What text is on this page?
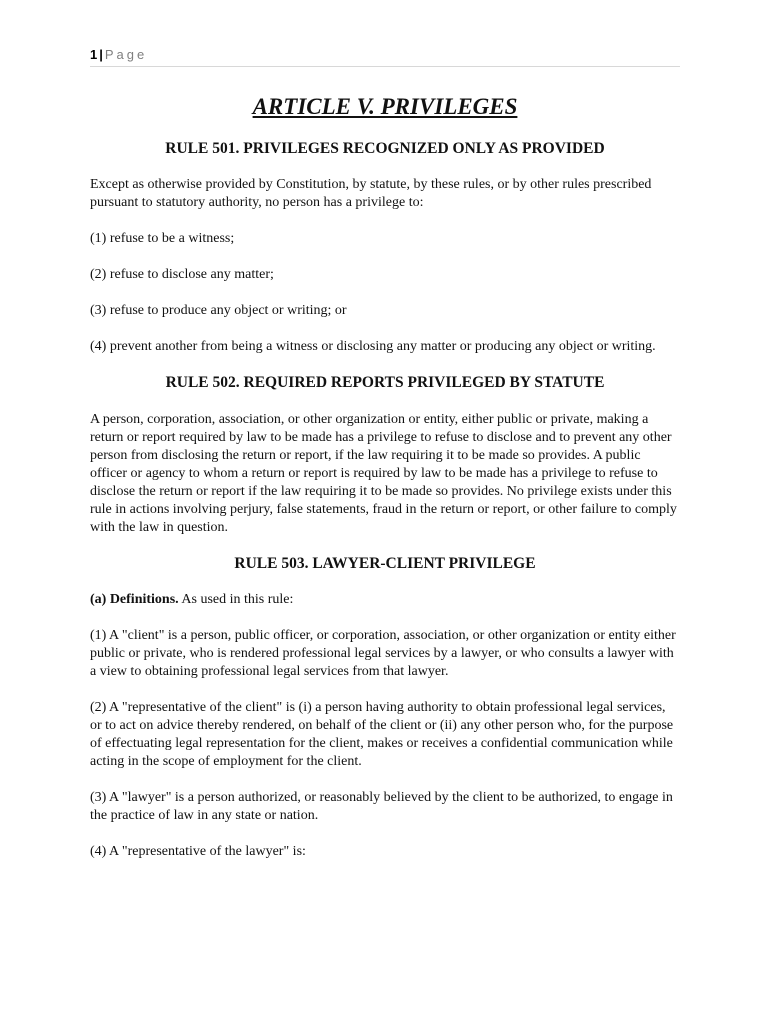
1 | Page
ARTICLE V. PRIVILEGES
RULE 501. PRIVILEGES RECOGNIZED ONLY AS PROVIDED

Except as otherwise provided by Constitution, by statute, by these rules, or by other rules prescribed pursuant to statutory authority, no person has a privilege to:

(1) refuse to be a witness;

(2) refuse to disclose any matter;

(3) refuse to produce any object or writing; or

(4) prevent another from being a witness or disclosing any matter or producing any object or writing.

RULE 502. REQUIRED REPORTS PRIVILEGED BY STATUTE

A person, corporation, association, or other organization or entity, either public or private, making a return or report required by law to be made has a privilege to refuse to disclose and to prevent any other person from disclosing the return or report, if the law requiring it to be made so provides. A public officer or agency to whom a return or report is required by law to be made has a privilege to refuse to disclose the return or report if the law requiring it to be made so provides. No privilege exists under this rule in actions involving perjury, false statements, fraud in the return or report, or other failure to comply with the law in question.

RULE 503. LAWYER-CLIENT PRIVILEGE

(a) Definitions. As used in this rule:

(1) A "client" is a person, public officer, or corporation, association, or other organization or entity either public or private, who is rendered professional legal services by a lawyer, or who consults a lawyer with a view to obtaining professional legal services from that lawyer.

(2) A "representative of the client" is (i) a person having authority to obtain professional legal services, or to act on advice thereby rendered, on behalf of the client or (ii) any other person who, for the purpose of effectuating legal representation for the client, makes or receives a confidential communication while acting in the scope of employment for the client.

(3) A "lawyer" is a person authorized, or reasonably believed by the client to be authorized, to engage in the practice of law in any state or nation.

(4) A "representative of the lawyer" is:
